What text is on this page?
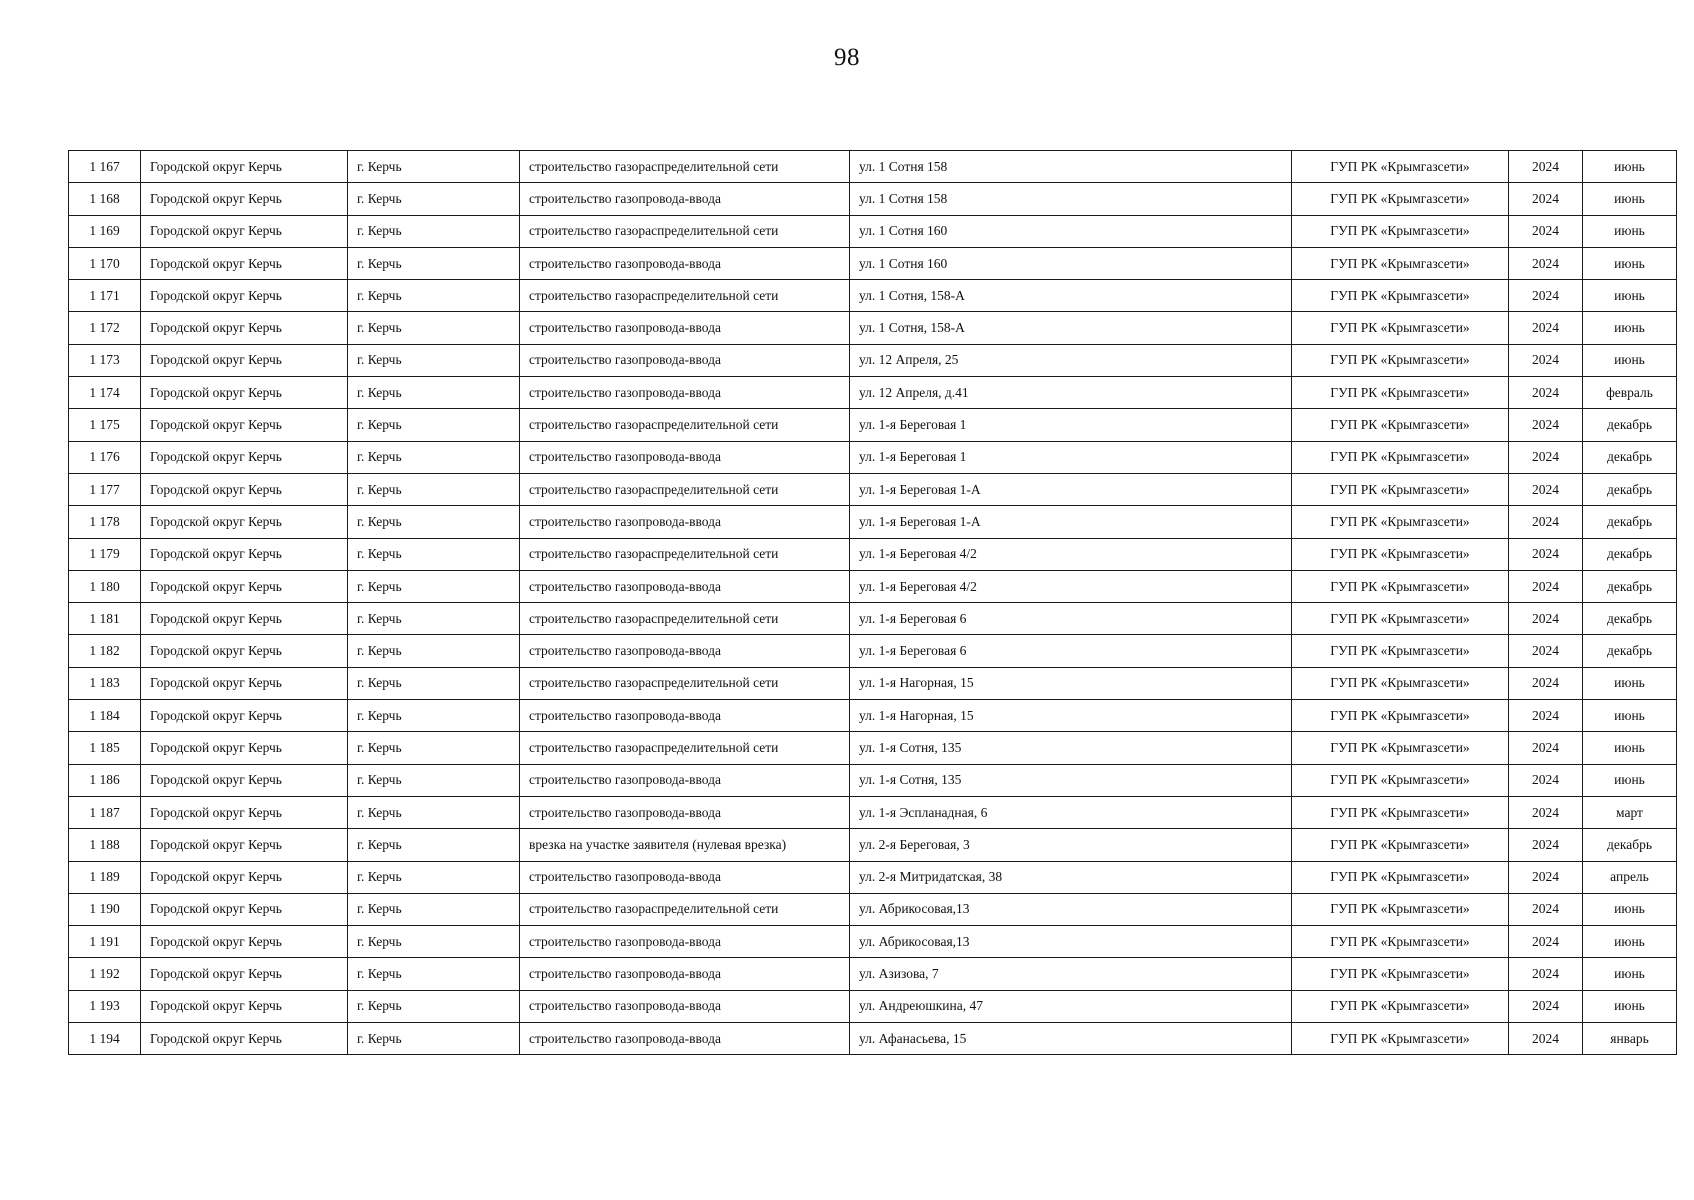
98
1 167	Городской округ Керчь	г. Керчь	строительство газораспределительной сети	ул. 1 Сотня 158	ГУП РК «Крымгазсети»	2024	июнь
1 168	Городской округ Керчь	г. Керчь	строительство газопровода-ввода	ул. 1 Сотня 158	ГУП РК «Крымгазсети»	2024	июнь
1 169	Городской округ Керчь	г. Керчь	строительство газораспределительной сети	ул. 1 Сотня 160	ГУП РК «Крымгазсети»	2024	июнь
1 170	Городской округ Керчь	г. Керчь	строительство газопровода-ввода	ул. 1 Сотня 160	ГУП РК «Крымгазсети»	2024	июнь
1 171	Городской округ Керчь	г. Керчь	строительство газораспределительной сети	ул. 1 Сотня, 158-А	ГУП РК «Крымгазсети»	2024	июнь
1 172	Городской округ Керчь	г. Керчь	строительство газопровода-ввода	ул. 1 Сотня, 158-А	ГУП РК «Крымгазсети»	2024	июнь
1 173	Городской округ Керчь	г. Керчь	строительство газопровода-ввода	ул. 12 Апреля, 25	ГУП РК «Крымгазсети»	2024	июнь
1 174	Городской округ Керчь	г. Керчь	строительство газопровода-ввода	ул. 12 Апреля, д.41	ГУП РК «Крымгазсети»	2024	февраль
1 175	Городской округ Керчь	г. Керчь	строительство газораспределительной сети	ул. 1-я Береговая 1	ГУП РК «Крымгазсети»	2024	декабрь
1 176	Городской округ Керчь	г. Керчь	строительство газопровода-ввода	ул. 1-я Береговая 1	ГУП РК «Крымгазсети»	2024	декабрь
1 177	Городской округ Керчь	г. Керчь	строительство газораспределительной сети	ул. 1-я Береговая 1-А	ГУП РК «Крымгазсети»	2024	декабрь
1 178	Городской округ Керчь	г. Керчь	строительство газопровода-ввода	ул. 1-я Береговая 1-А	ГУП РК «Крымгазсети»	2024	декабрь
1 179	Городской округ Керчь	г. Керчь	строительство газораспределительной сети	ул. 1-я Береговая 4/2	ГУП РК «Крымгазсети»	2024	декабрь
1 180	Городской округ Керчь	г. Керчь	строительство газопровода-ввода	ул. 1-я Береговая 4/2	ГУП РК «Крымгазсети»	2024	декабрь
1 181	Городской округ Керчь	г. Керчь	строительство газораспределительной сети	ул. 1-я Береговая 6	ГУП РК «Крымгазсети»	2024	декабрь
1 182	Городской округ Керчь	г. Керчь	строительство газопровода-ввода	ул. 1-я Береговая 6	ГУП РК «Крымгазсети»	2024	декабрь
1 183	Городской округ Керчь	г. Керчь	строительство газораспределительной сети	ул. 1-я Нагорная, 15	ГУП РК «Крымгазсети»	2024	июнь
1 184	Городской округ Керчь	г. Керчь	строительство газопровода-ввода	ул. 1-я Нагорная, 15	ГУП РК «Крымгазсети»	2024	июнь
1 185	Городской округ Керчь	г. Керчь	строительство газораспределительной сети	ул. 1-я Сотня, 135	ГУП РК «Крымгазсети»	2024	июнь
1 186	Городской округ Керчь	г. Керчь	строительство газопровода-ввода	ул. 1-я Сотня, 135	ГУП РК «Крымгазсети»	2024	июнь
1 187	Городской округ Керчь	г. Керчь	строительство газопровода-ввода	ул. 1-я Эспланадная, 6	ГУП РК «Крымгазсети»	2024	март
1 188	Городской округ Керчь	г. Керчь	врезка на участке заявителя (нулевая врезка)	ул. 2-я Береговая, 3	ГУП РК «Крымгазсети»	2024	декабрь
1 189	Городской округ Керчь	г. Керчь	строительство газопровода-ввода	ул. 2-я Митридатская, 38	ГУП РК «Крымгазсети»	2024	апрель
1 190	Городской округ Керчь	г. Керчь	строительство газораспределительной сети	ул. Абрикосовая,13	ГУП РК «Крымгазсети»	2024	июнь
1 191	Городской округ Керчь	г. Керчь	строительство газопровода-ввода	ул. Абрикосовая,13	ГУП РК «Крымгазсети»	2024	июнь
1 192	Городской округ Керчь	г. Керчь	строительство газопровода-ввода	ул. Азизова, 7	ГУП РК «Крымгазсети»	2024	июнь
1 193	Городской округ Керчь	г. Керчь	строительство газопровода-ввода	ул. Андреюшкина, 47	ГУП РК «Крымгазсети»	2024	июнь
1 194	Городской округ Керчь	г. Керчь	строительство газопровода-ввода	ул. Афанасьева, 15	ГУП РК «Крымгазсети»	2024	январь
